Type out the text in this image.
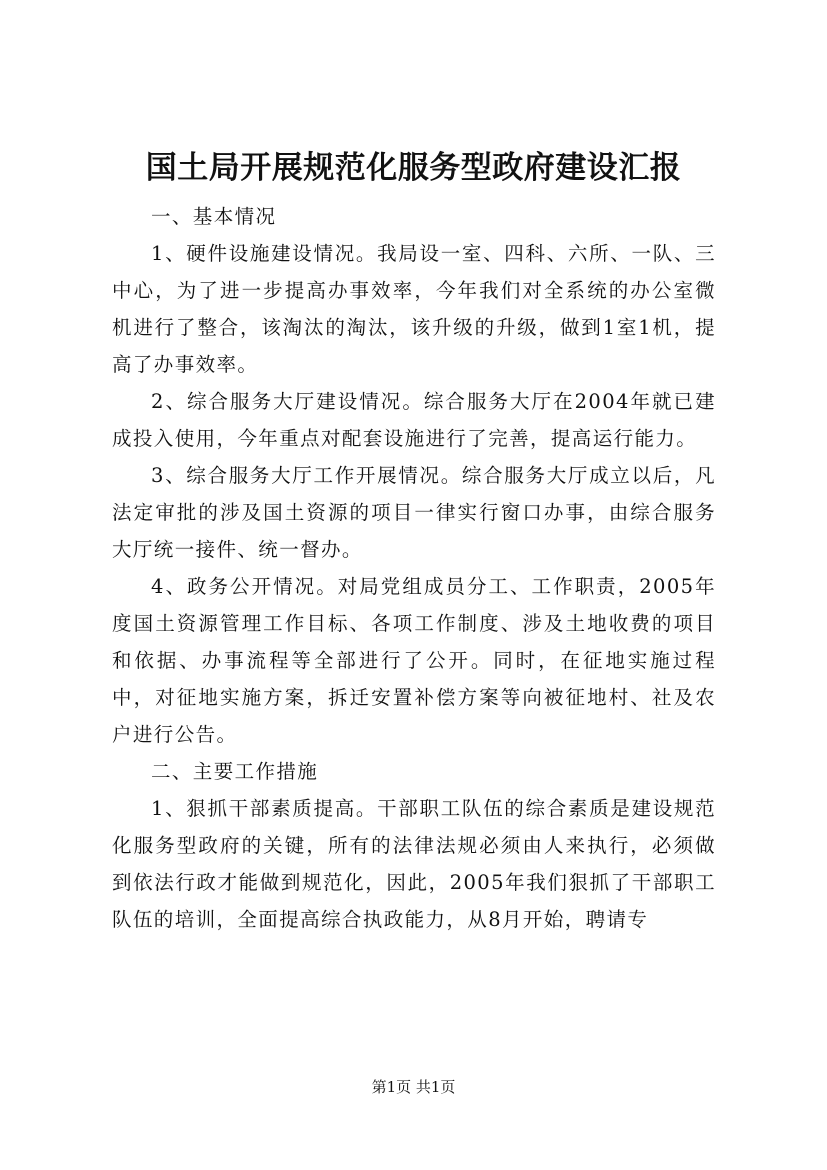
国土局开展规范化服务型政府建设汇报

一、基本情况

1、硬件设施建设情况。我局设一室、四科、六所、一队、三中心，为了进一步提高办事效率，今年我们对全系统的办公室微机进行了整合，该淘汰的淘汰，该升级的升级，做到1室1机，提高了办事效率。

2、综合服务大厅建设情况。综合服务大厅在2004年就已建成投入使用，今年重点对配套设施进行了完善，提高运行能力。

3、综合服务大厅工作开展情况。综合服务大厅成立以后，凡法定审批的涉及国土资源的项目一律实行窗口办事，由综合服务大厅统一接件、统一督办。

4、政务公开情况。对局党组成员分工、工作职责，2005年度国土资源管理工作目标、各项工作制度、涉及土地收费的项目和依据、办事流程等全部进行了公开。同时，在征地实施过程中，对征地实施方案，拆迁安置补偿方案等向被征地村、社及农户进行公告。

二、主要工作措施

1、狠抓干部素质提高。干部职工队伍的综合素质是建设规范化服务型政府的关键，所有的法律法规必须由人来执行，必须做到依法行政才能做到规范化，因此，2005年我们狠抓了干部职工队伍的培训，全面提高综合执政能力，从8月开始，聘请专

第1页 共1页
